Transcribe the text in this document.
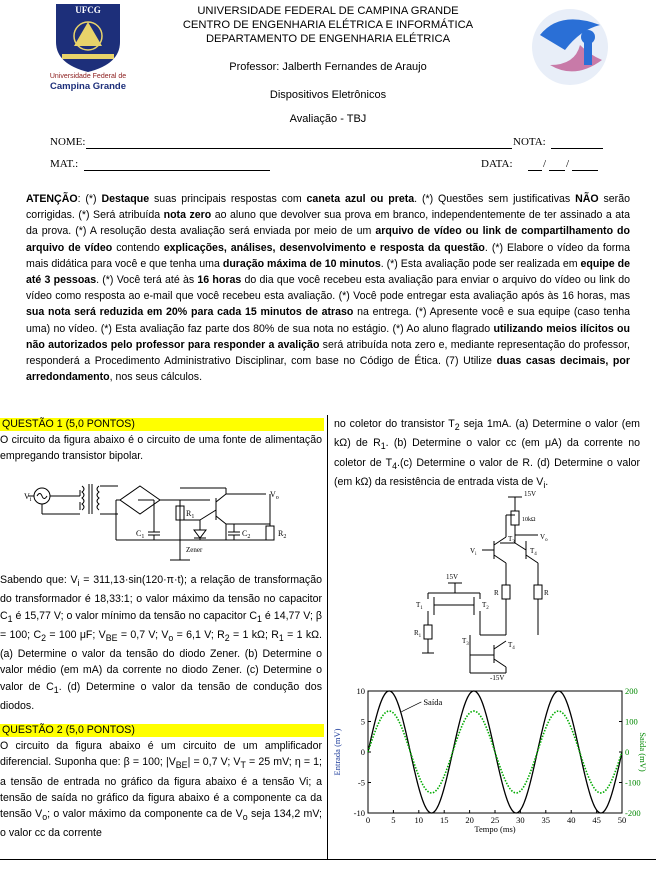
UFCG
Universidade Federal de
Campina Grande
UNIVERSIDADE FEDERAL DE CAMPINA GRANDE
CENTRO DE ENGENHARIA ELÉTRICA E INFORMÁTICA
DEPARTAMENTO DE ENGENHARIA ELÉTRICA
Professor: Jalberth Fernandes de Araujo
Dispositivos Eletrônicos
Avaliação - TBJ
NOME:	NOTA:
MAT.:	DATA:	/ /
ATENÇÃO: (*) Destaque suas principais respostas com caneta azul ou preta. (*) Questões sem justificativas NÃO serão corrigidas. (*) Será atribuída nota zero ao aluno que devolver sua prova em branco, independentemente de ter assinado a ata da prova. (*) A resolução desta avaliação será enviada por meio de um arquivo de vídeo ou link de compartilhamento do arquivo de vídeo contendo explicações, análises, desenvolvimento e resposta da questão. (*) Elabore o vídeo da forma mais didática para você e que tenha uma duração máxima de 10 minutos. (*) Esta avaliação pode ser realizada em equipe de até 3 pessoas. (*) Você terá até às 16 horas do dia que você recebeu esta avaliação para enviar o arquivo do vídeo ou link do vídeo como resposta ao e-mail que você recebeu esta avaliação. (*) Você pode entregar esta avaliação após às 16 horas, mas sua nota será reduzida em 20% para cada 15 minutos de atraso na entrega. (*) Apresente você e sua equipe (caso tenha uma) no vídeo. (*) Esta avaliação faz parte dos 80% de sua nota no estágio. (*) Ao aluno flagrado utilizando meios ilícitos ou não autorizados pelo professor para responder a avalição será atribuída nota zero e, mediante representação do professor, responderá a Procedimento Administrativo Disciplinar, com base no Código de Ética. (7) Utilize duas casas decimais, por arredondamento, nos seus cálculos.
QUESTÃO 1 (5,0 PONTOS)
O circuito da figura abaixo é o circuito de uma fonte de alimentação empregando transistor bipolar.
$V_i$
$V_o$
$R_1$
$C_1$	$C_2$	$R_2$
Zener
Sabendo que: $V_i = 311,13\cdot\sin(120\cdot\pi\cdot t)$; a relação de transformação do transformador é 18,33:1; o valor máximo da tensão no capacitor $C_1$ é 15,77 V; o valor mínimo da tensão no capacitor $C_1$ é 14,77 V; β = 100; $C_2 = 100$ μF; $V_{BE} = 0,7$ V; $V_o = 6,1$ V; $R_2 = 1$ kΩ; $R_1 = 1$ kΩ. (a) Determine o valor da tensão do diodo Zener. (b) Determine o valor médio (em mA) da corrente no diodo Zener. (c) Determine o valor de $C_1$. (d) Determine o valor da tensão de condução dos diodos.
QUESTÃO 2 (5,0 PONTOS)
O circuito da figura abaixo é um circuito de um amplificador diferencial. Suponha que: β = 100; $|V_{BE}| = 0,7$ V; $V_T = 25$ mV; η = 1; a tensão de entrada no gráfico da figura abaixo é a tensão Vi; a tensão de saída no gráfico da figura abaixo é a componente ca da tensão $V_o$; o valor máximo da componente ca de $V_o$ seja 134,2 mV; o valor cc da corrente
no coletor do transistor $T_2$ seja 1mA. (a) Determine o valor (em kΩ) de $R_1$. (b) Determine o valor cc (em μA) da corrente no coletor de $T_4.(c)$ Determine o valor de R. (d) Determine o valor (em kΩ) da resistência de entrada vista de $V_i$.
15V
10kΩ
$V_o$
$V_i$
$T_3$
$T_4$
15V
$T_1$	$T_2$
R	R
$R_1$
$T_3$	$T_4$
-15V
0 5 10 15 20 25 30 35 40 45 50
-10
-5
0
5
10
-200
-100
0
100
200
Tempo (ms)
Entrada (mV)	Saída (mV)
Saída
